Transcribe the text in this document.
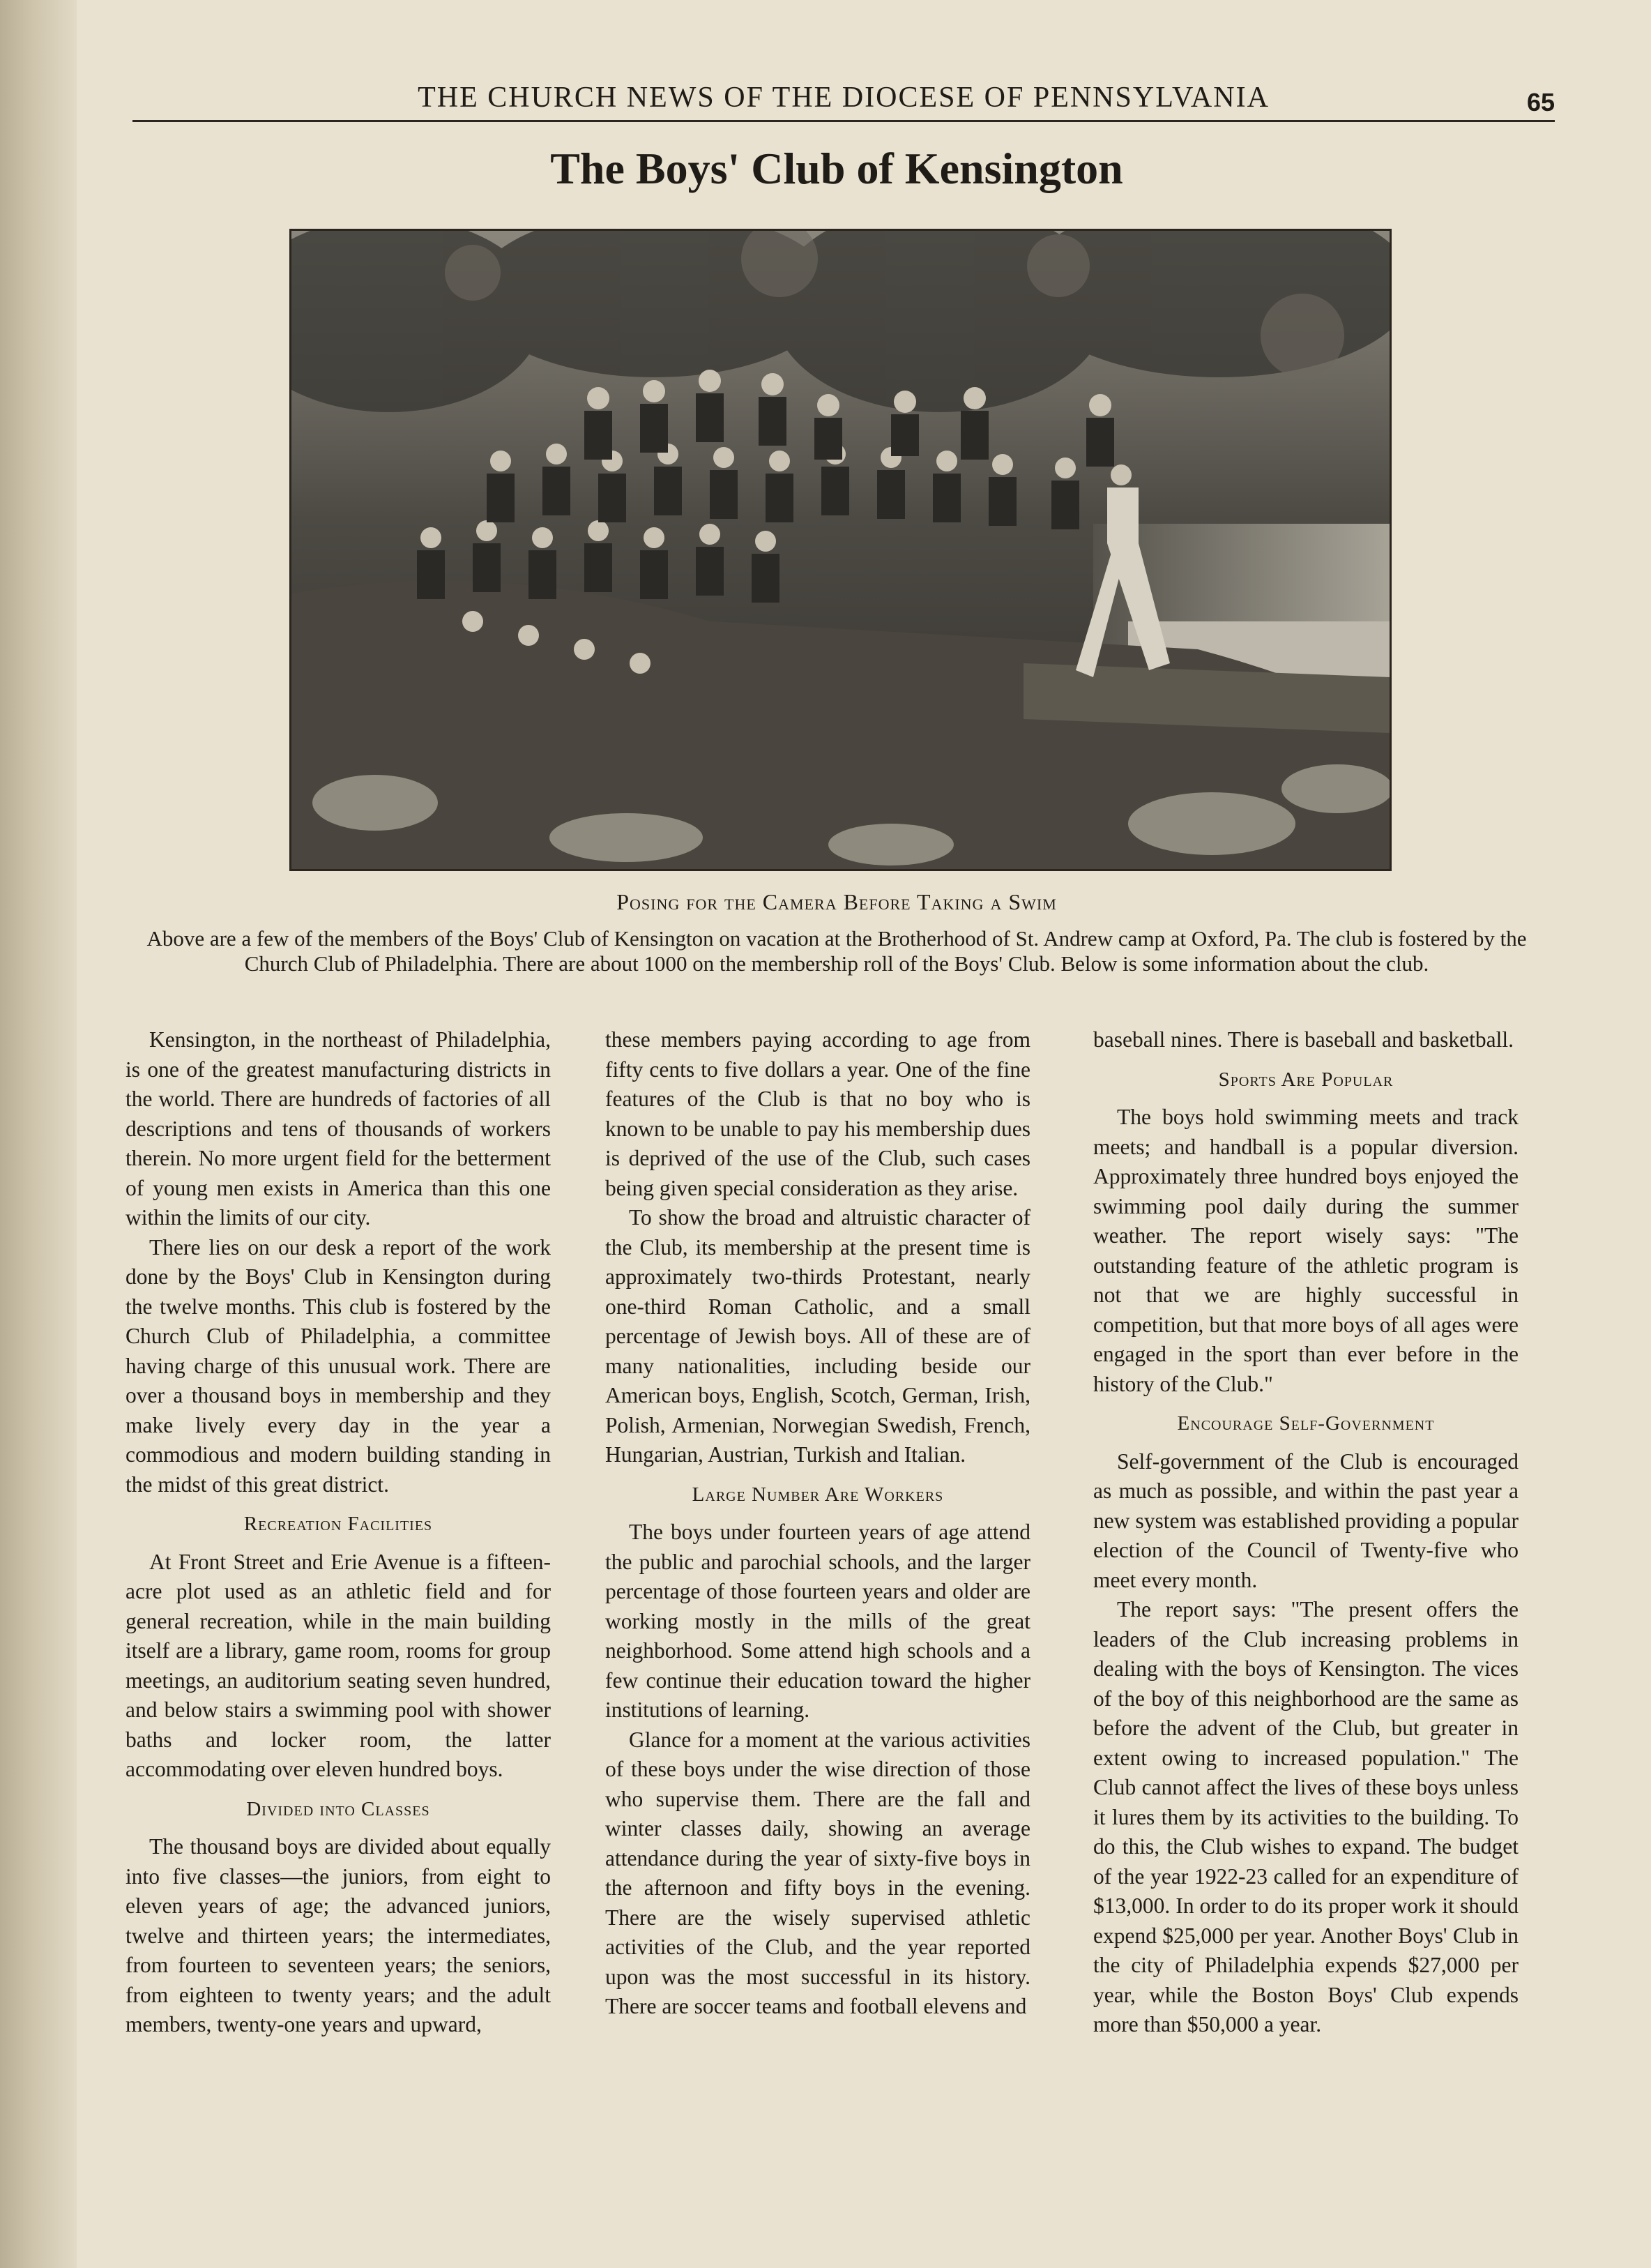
THE CHURCH NEWS OF THE DIOCESE OF PENNSYLVANIA	65
The Boys' Club of Kensington
Posing for the Camera Before Taking a Swim
Above are a few of the members of the Boys' Club of Kensington on vacation at the Brotherhood of St. Andrew camp at Oxford, Pa. The club is fostered by the Church Club of Philadelphia. There are about 1000 on the membership roll of the Boys' Club. Below is some information about the club.

Kensington, in the northeast of Philadelphia, is one of the greatest manufacturing districts in the world. There are hundreds of factories of all descriptions and tens of thousands of workers therein. No more urgent field for the betterment of young men exists in America than this one within the limits of our city.

There lies on our desk a report of the work done by the Boys' Club in Kensington during the twelve months. This club is fostered by the Church Club of Philadelphia, a committee having charge of this unusual work. There are over a thousand boys in membership and they make lively every day in the year a commodious and modern building standing in the midst of this great district.

Recreation Facilities

At Front Street and Erie Avenue is a fifteen-acre plot used as an athletic field and for general recreation, while in the main building itself are a library, game room, rooms for group meetings, an auditorium seating seven hundred, and below stairs a swimming pool with shower baths and locker room, the latter accommodating over eleven hundred boys.

Divided into Classes

The thousand boys are divided about equally into five classes—the juniors, from eight to eleven years of age; the advanced juniors, twelve and thirteen years; the intermediates, from fourteen to seventeen years; the seniors, from eighteen to twenty years; and the adult members, twenty-one years and upward,

these members paying according to age from fifty cents to five dollars a year. One of the fine features of the Club is that no boy who is known to be unable to pay his membership dues is deprived of the use of the Club, such cases being given special consideration as they arise.

To show the broad and altruistic character of the Club, its membership at the present time is approximately two-thirds Protestant, nearly one-third Roman Catholic, and a small percentage of Jewish boys. All of these are of many nationalities, including beside our American boys, English, Scotch, German, Irish, Polish, Armenian, Norwegian Swedish, French, Hungarian, Austrian, Turkish and Italian.

Large Number Are Workers

The boys under fourteen years of age attend the public and parochial schools, and the larger percentage of those fourteen years and older are working mostly in the mills of the great neighborhood. Some attend high schools and a few continue their education toward the higher institutions of learning.

Glance for a moment at the various activities of these boys under the wise direction of those who supervise them. There are the fall and winter classes daily, showing an average attendance during the year of sixty-five boys in the afternoon and fifty boys in the evening. There are the wisely supervised athletic activities of the Club, and the year reported upon was the most successful in its history. There are soccer teams and football elevens and

baseball nines. There is baseball and basketball.

Sports Are Popular

The boys hold swimming meets and track meets; and handball is a popular diversion. Approximately three hundred boys enjoyed the swimming pool daily during the summer weather. The report wisely says: "The outstanding feature of the athletic program is not that we are highly successful in competition, but that more boys of all ages were engaged in the sport than ever before in the history of the Club."

Encourage Self-Government

Self-government of the Club is encouraged as much as possible, and within the past year a new system was established providing a popular election of the Council of Twenty-five who meet every month.

The report says: "The present offers the leaders of the Club increasing problems in dealing with the boys of Kensington. The vices of the boy of this neighborhood are the same as before the advent of the Club, but greater in extent owing to increased population." The Club cannot affect the lives of these boys unless it lures them by its activities to the building. To do this, the Club wishes to expand. The budget of the year 1922-23 called for an expenditure of $13,000. In order to do its proper work it should expend $25,000 per year. Another Boys' Club in the city of Philadelphia expends $27,000 per year, while the Boston Boys' Club expends more than $50,000 a year.
